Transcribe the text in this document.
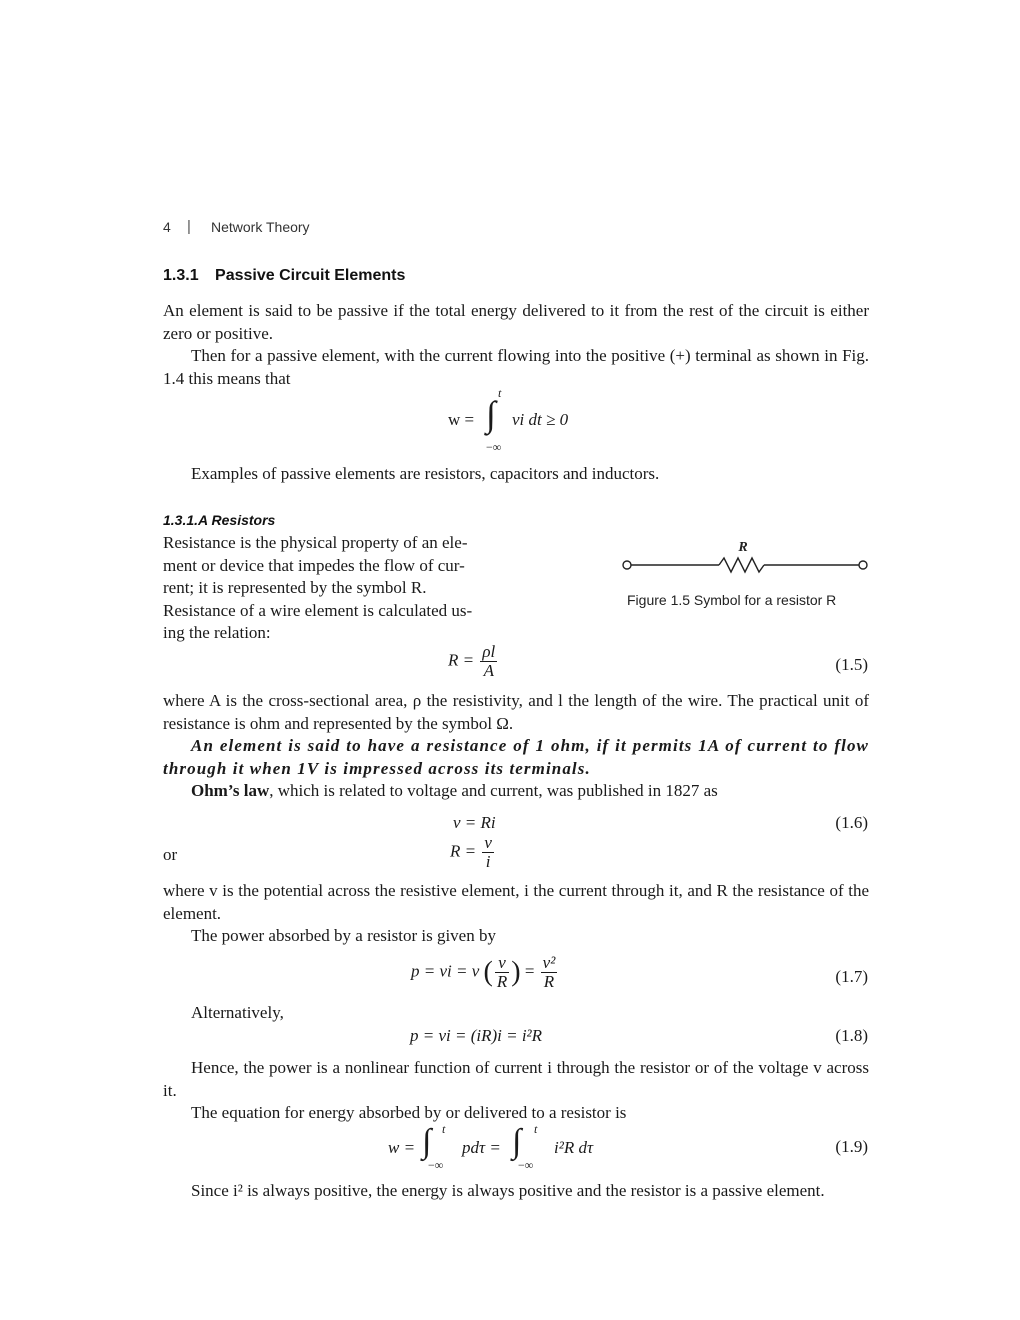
4 | Network Theory
1.3.1 Passive Circuit Elements
An element is said to be passive if the total energy delivered to it from the rest of the circuit is either zero or positive.
Then for a passive element, with the current flowing into the positive (+) terminal as shown in Fig. 1.4 this means that
w =
t
∫
−∞
vi dt ≥ 0
Examples of passive elements are resistors, capacitors and inductors.
1.3.1.A Resistors
Resistance is the physical property of an ele-
ment or device that impedes the flow of cur-
rent; it is represented by the symbol R.
Resistance of a wire element is calculated us-
ing the relation:
R
Figure 1.5 Symbol for a resistor R
$R = \frac{\rho l}{A}$	(1.5)
where A is the cross-sectional area, ρ the resistivity, and l the length of the wire. The practical unit of resistance is ohm and represented by the symbol Ω.
An element is said to have a resistance of 1 ohm, if it permits 1A of current to flow through it when 1V is impressed across its terminals.
Ohm’s law, which is related to voltage and current, was published in 1827 as
v = Ri	(1.6)
or	$R = \frac{v}{i}$
where v is the potential across the resistive element, i the current through it, and R the resistance of the element.
The power absorbed by a resistor is given by
p = vi = v ( $\frac{v}{R}$ ) = $\frac{\text{v²}}{R}$	(1.7)
Alternatively,
p = vi = (iR)i = i²R	(1.8)
Hence, the power is a nonlinear function of current i through the resistor or of the voltage v across it.
The equation for energy absorbed by or delivered to a resistor is
w = ∫ t
−∞
pdτ = ∫ t
−∞
i²R dτ	(1.9)
Since i² is always positive, the energy is always positive and the resistor is a passive element.
